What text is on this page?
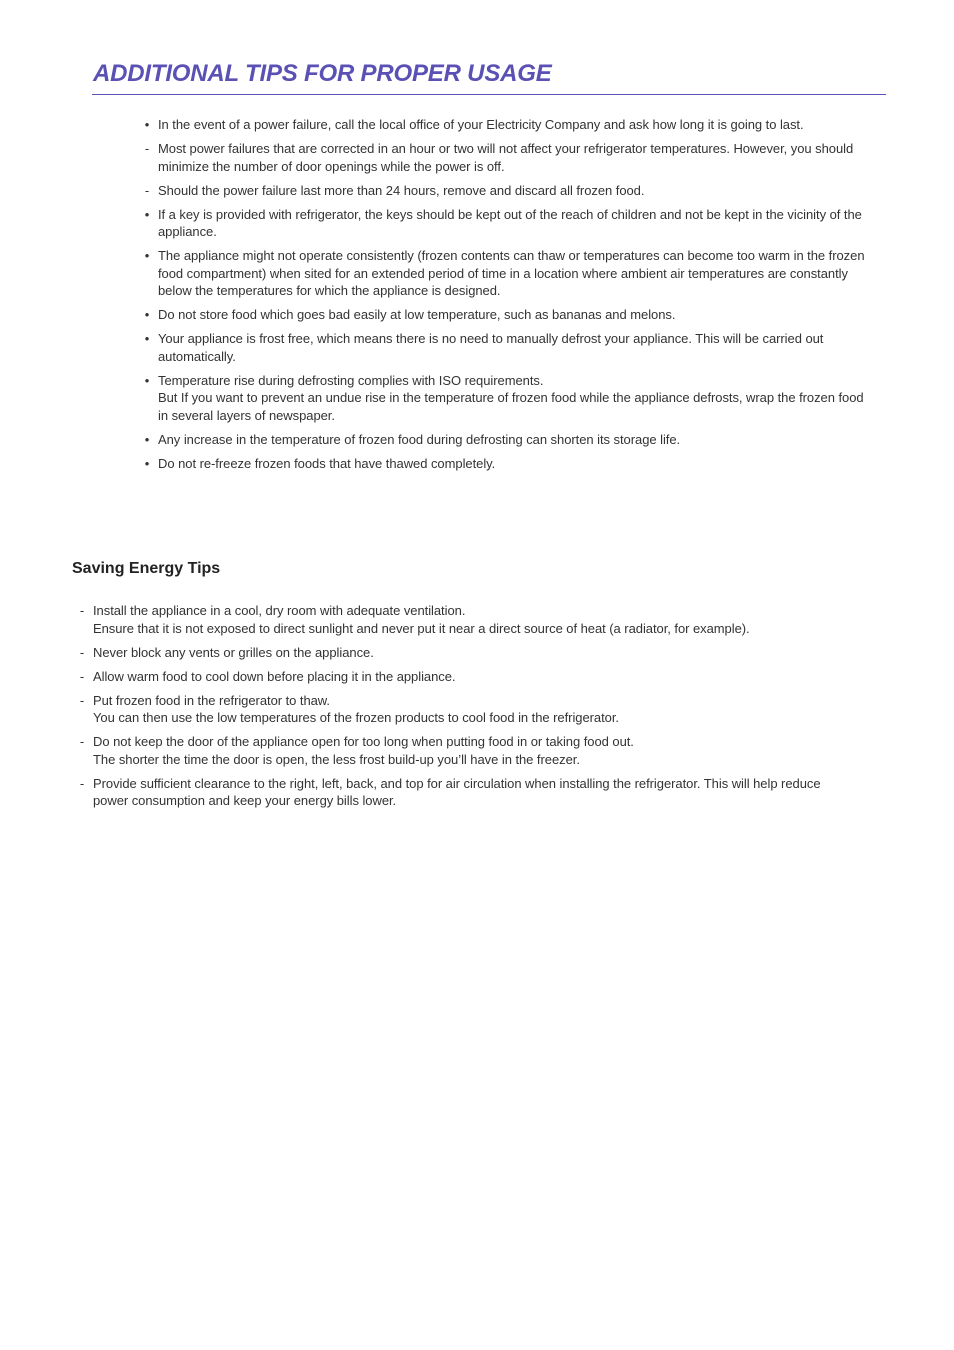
ADDITIONAL TIPS FOR PROPER USAGE
• In the event of a power failure, call the local office of your Electricity Company and ask how long it is going to last.
- Most power failures that are corrected in an hour or two will not affect your refrigerator temperatures. However, you should minimize the number of door openings while the power is off.
- Should the power failure last more than 24 hours, remove and discard all frozen food.
• If a key is provided with refrigerator, the keys should be kept out of the reach of children and not be kept in the vicinity of the appliance.
• The appliance might not operate consistently (frozen contents can thaw or temperatures can become too warm in the frozen food compartment) when sited for an extended period of time in a location where ambient air temperatures are constantly below the temperatures for which the appliance is designed.
• Do not store food which goes bad easily at low temperature, such as bananas and melons.
• Your appliance is frost free, which means there is no need to manually defrost your appliance. This will be carried out automatically.
• Temperature rise during defrosting complies with ISO requirements.
But If you want to prevent an undue rise in the temperature of frozen food while the appliance defrosts, wrap the frozen food in several layers of newspaper.
• Any increase in the temperature of frozen food during defrosting can shorten its storage life.
• Do not re-freeze frozen foods that have thawed completely.
Saving Energy Tips
- Install the appliance in a cool, dry room with adequate ventilation.
Ensure that it is not exposed to direct sunlight and never put it near a direct source of heat (a radiator, for example).
- Never block any vents or grilles on the appliance.
- Allow warm food to cool down before placing it in the appliance.
- Put frozen food in the refrigerator to thaw.
You can then use the low temperatures of the frozen products to cool food in the refrigerator.
- Do not keep the door of the appliance open for too long when putting food in or taking food out.
The shorter the time the door is open, the less frost build-up you’ll have in the freezer.
- Provide sufficient clearance to the right, left, back, and top for air circulation when installing the refrigerator. This will help reduce power consumption and keep your energy bills lower.
